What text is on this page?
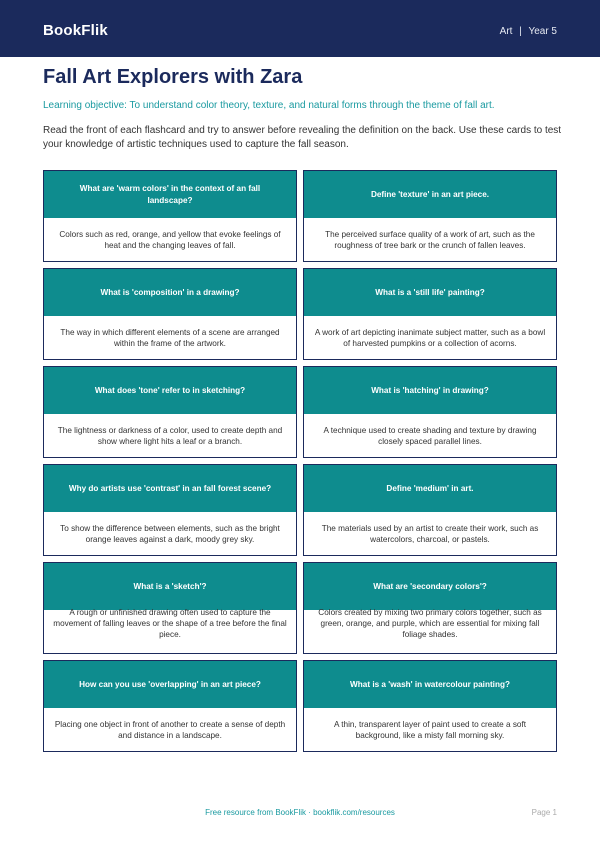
BookFlik	Art | Year 5
Fall Art Explorers with Zara
Learning objective: To understand color theory, texture, and natural forms through the theme of fall art.
Read the front of each flashcard and try to answer before revealing the definition on the back. Use these cards to test your knowledge of artistic techniques used to capture the fall season.
What are 'warm colors' in the context of an fall landscape?
Colors such as red, orange, and yellow that evoke feelings of heat and the changing leaves of fall.
Define 'texture' in an art piece.
The perceived surface quality of a work of art, such as the roughness of tree bark or the crunch of fallen leaves.
What is 'composition' in a drawing?
The way in which different elements of a scene are arranged within the frame of the artwork.
What is a 'still life' painting?
A work of art depicting inanimate subject matter, such as a bowl of harvested pumpkins or a collection of acorns.
What does 'tone' refer to in sketching?
The lightness or darkness of a color, used to create depth and show where light hits a leaf or a branch.
What is 'hatching' in drawing?
A technique used to create shading and texture by drawing closely spaced parallel lines.
Why do artists use 'contrast' in an fall forest scene?
To show the difference between elements, such as the bright orange leaves against a dark, moody grey sky.
Define 'medium' in art.
The materials used by an artist to create their work, such as watercolors, charcoal, or pastels.
What is a 'sketch'?
A rough or unfinished drawing often used to capture the movement of falling leaves or the shape of a tree before the final piece.
What are 'secondary colors'?
Colors created by mixing two primary colors together, such as green, orange, and purple, which are essential for mixing fall foliage shades.
How can you use 'overlapping' in an art piece?
Placing one object in front of another to create a sense of depth and distance in a landscape.
What is a 'wash' in watercolour painting?
A thin, transparent layer of paint used to create a soft background, like a misty fall morning sky.
Free resource from BookFlik · bookflik.com/resources	Page 1
